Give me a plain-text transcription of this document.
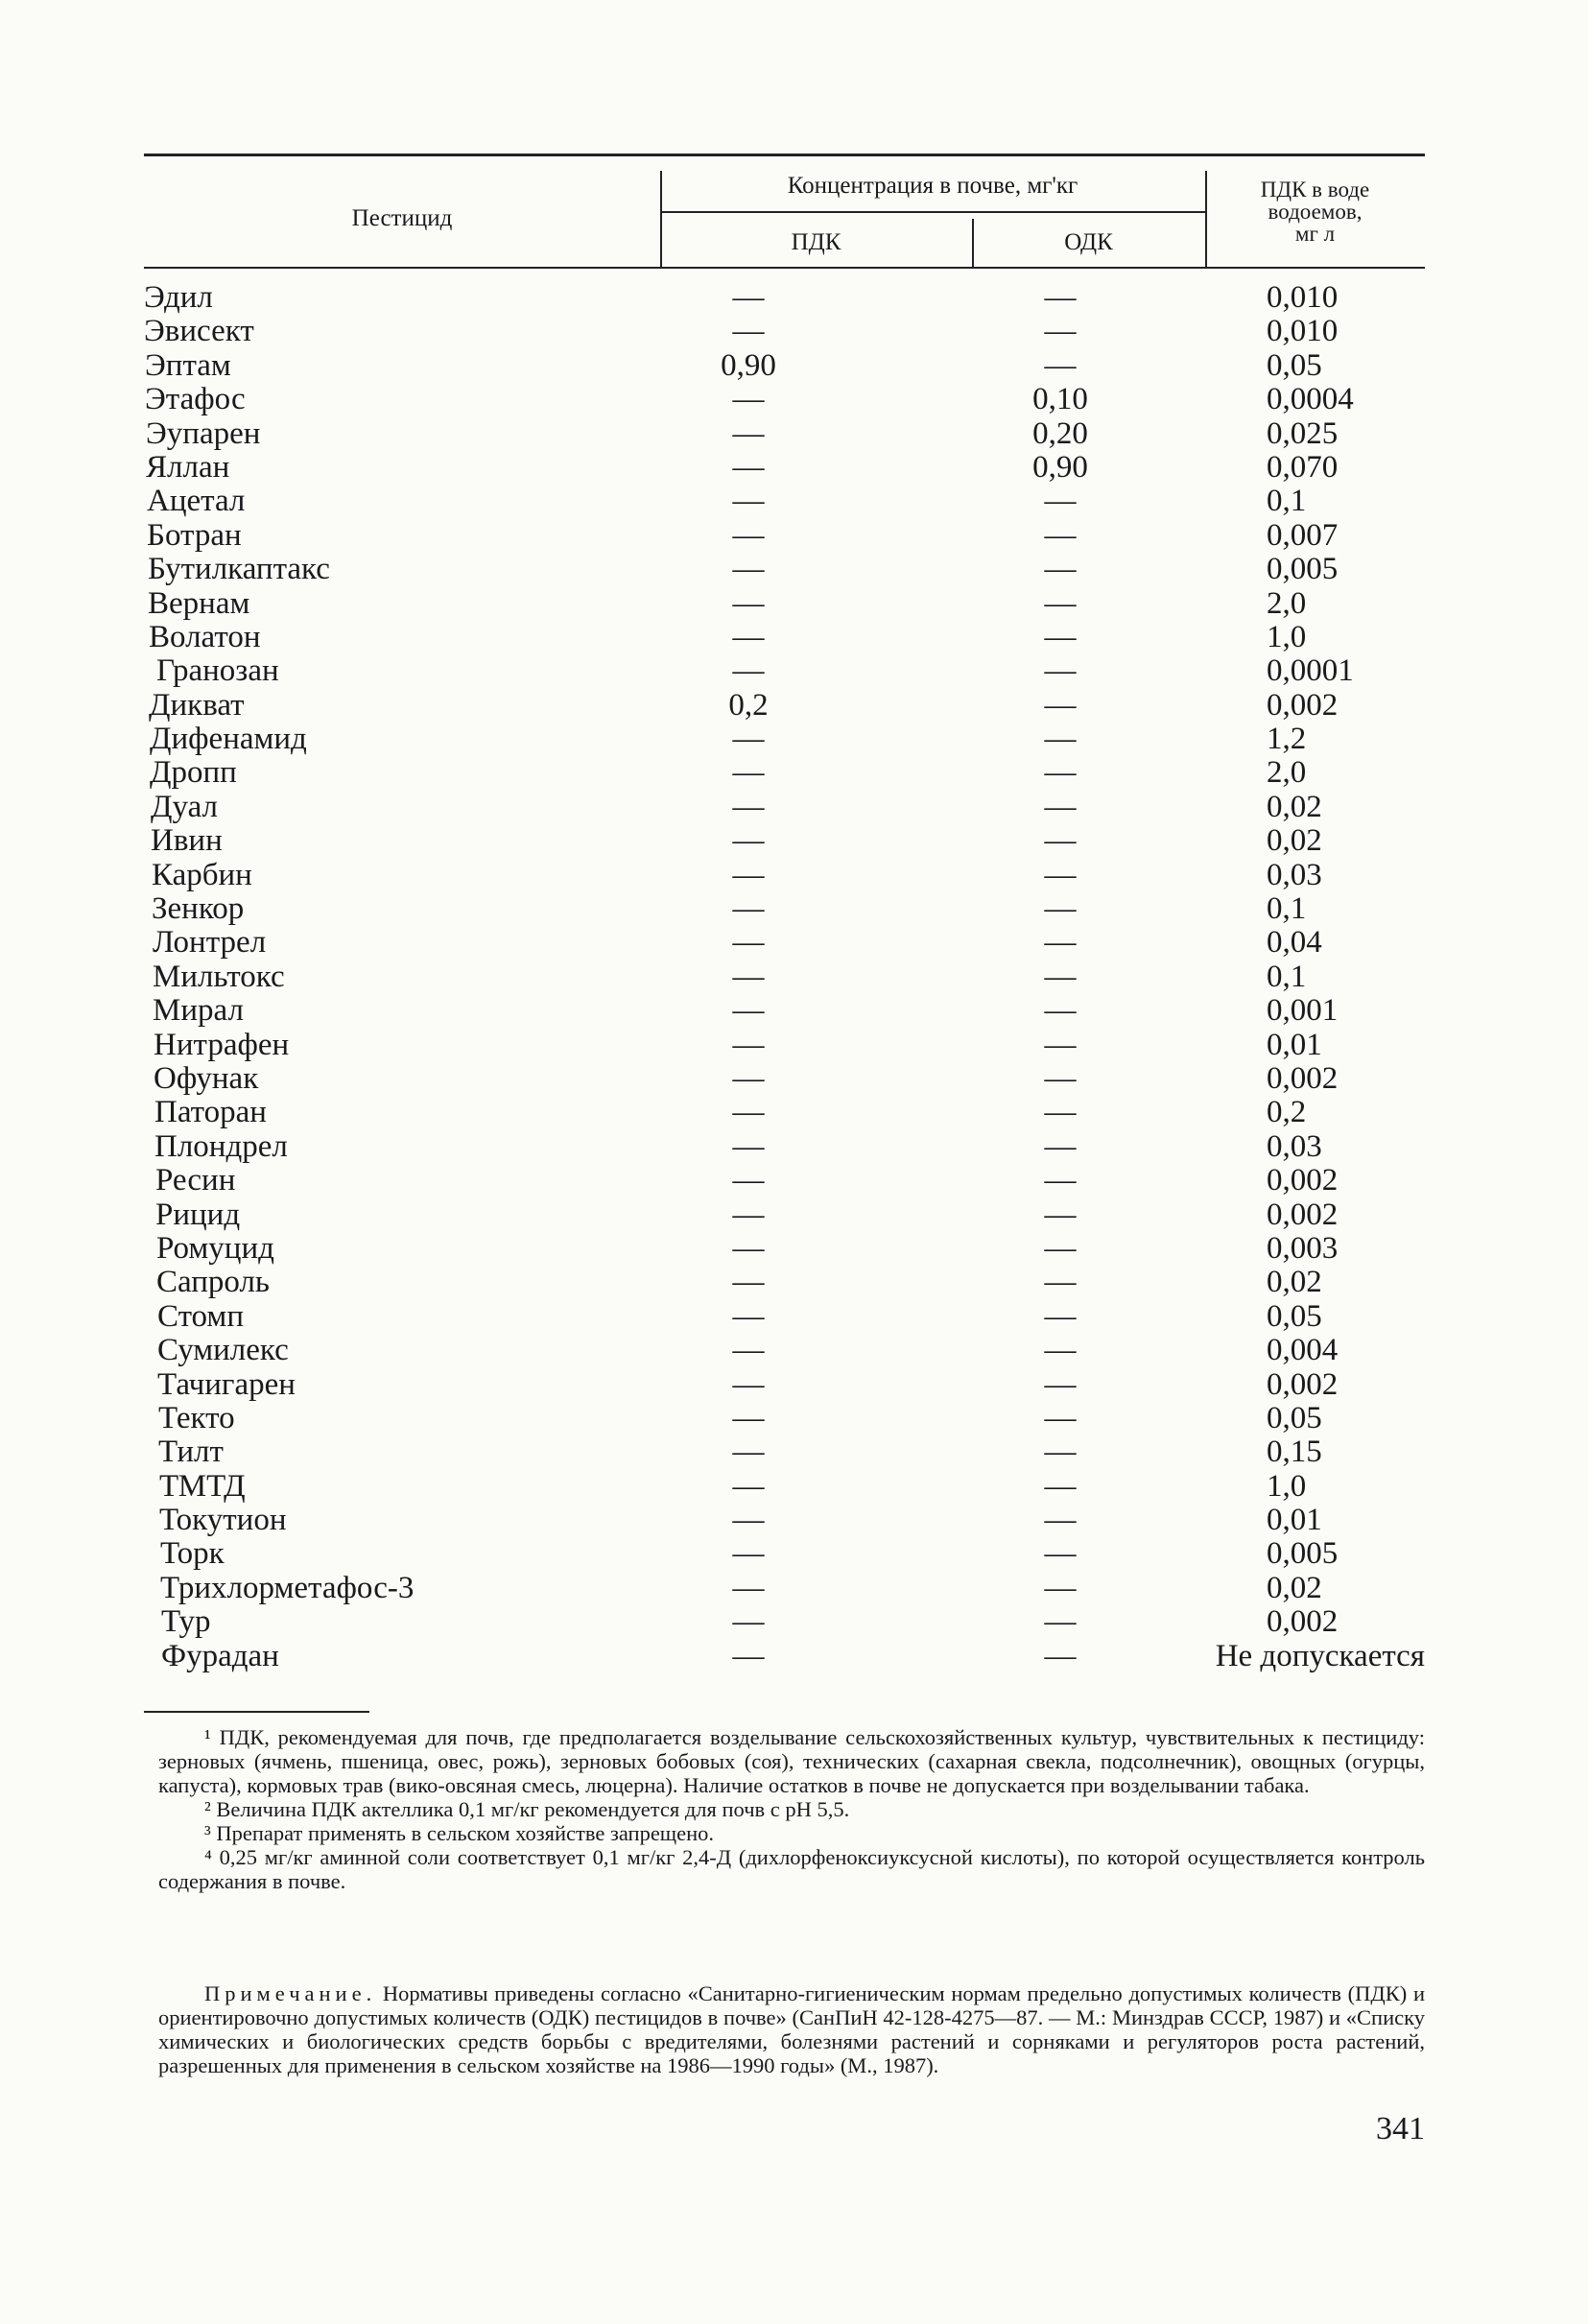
Пестицид
Концентрация в почве, мг'кг
ПДК	ОДК
ПДК в воде
водоемов,
мг л
Эдил	—	—	0,010
Эвисект	—	—	0,010
Эптам	0,90	—	0,05
Этафос	—	0,10	0,0004
Эупарен	—	0,20	0,025
Яллан	—	0,90	0,070
Ацетал	—	—	0,1
Ботран	—	—	0,007
Бутилкаптакс	—	—	0,005
Вернам	—	—	2,0
Волатон	—	—	1,0
Гранозан	—	—	0,0001
Дикват	0,2	—	0,002
Дифенамид	—	—	1,2
Дропп	—	—	2,0
Дуал	—	—	0,02
Ивин	—	—	0,02
Карбин	—	—	0,03
Зенкор	—	—	0,1
Лонтрел	—	—	0,04
Мильтокс	—	—	0,1
Мирал	—	—	0,001
Нитрафен	—	—	0,01
Офунак	—	—	0,002
Паторан	—	—	0,2
Плондрел	—	—	0,03
Ресин	—	—	0,002
Рицид	—	—	0,002
Ромуцид	—	—	0,003
Сапроль	—	—	0,02
Стомп	—	—	0,05
Сумилекс	—	—	0,004
Тачигарен	—	—	0,002
Текто	—	—	0,05
Тилт	—	—	0,15
ТМТД	—	—	1,0
Токутион	—	—	0,01
Торк	—	—	0,005
Трихлорметафос-3	—	—	0,02
Тур	—	—	0,002
Фурадан	—	—	Не допускается

¹ ПДК, рекомендуемая для почв, где предполагается возделывание сельскохозяйственных культур, чувствительных к пестициду: зерновых (ячмень, пшеница, овес, рожь), зерновых бобовых (соя), технических (сахарная свекла, подсолнечник), овощных (огурцы, капуста), кормовых трав (вико-овсяная смесь, люцерна). Наличие остатков в почве не допускается при возделывании табака.

² Величина ПДК актеллика 0,1 мг/кг рекомендуется для почв с pH 5,5.

³ Препарат применять в сельском хозяйстве запрещено.

⁴ 0,25 мг/кг аминной соли соответствует 0,1 мг/кг 2,4-Д (дихлорфеноксиуксусной кислоты), по которой осуществляется контроль содержания в почве.

Примечание. Нормативы приведены согласно «Санитарно-гигиеническим нормам предельно допустимых количеств (ПДК) и ориентировочно допустимых количеств (ОДК) пестицидов в почве» (СанПиН 42-128-4275—87. — М.: Минздрав СССР, 1987) и «Списку химических и биологических средств борьбы с вредителями, болезнями растений и сорняками и регуляторов роста растений, разрешенных для применения в сельском хозяйстве на 1986—1990 годы» (М., 1987).

341
